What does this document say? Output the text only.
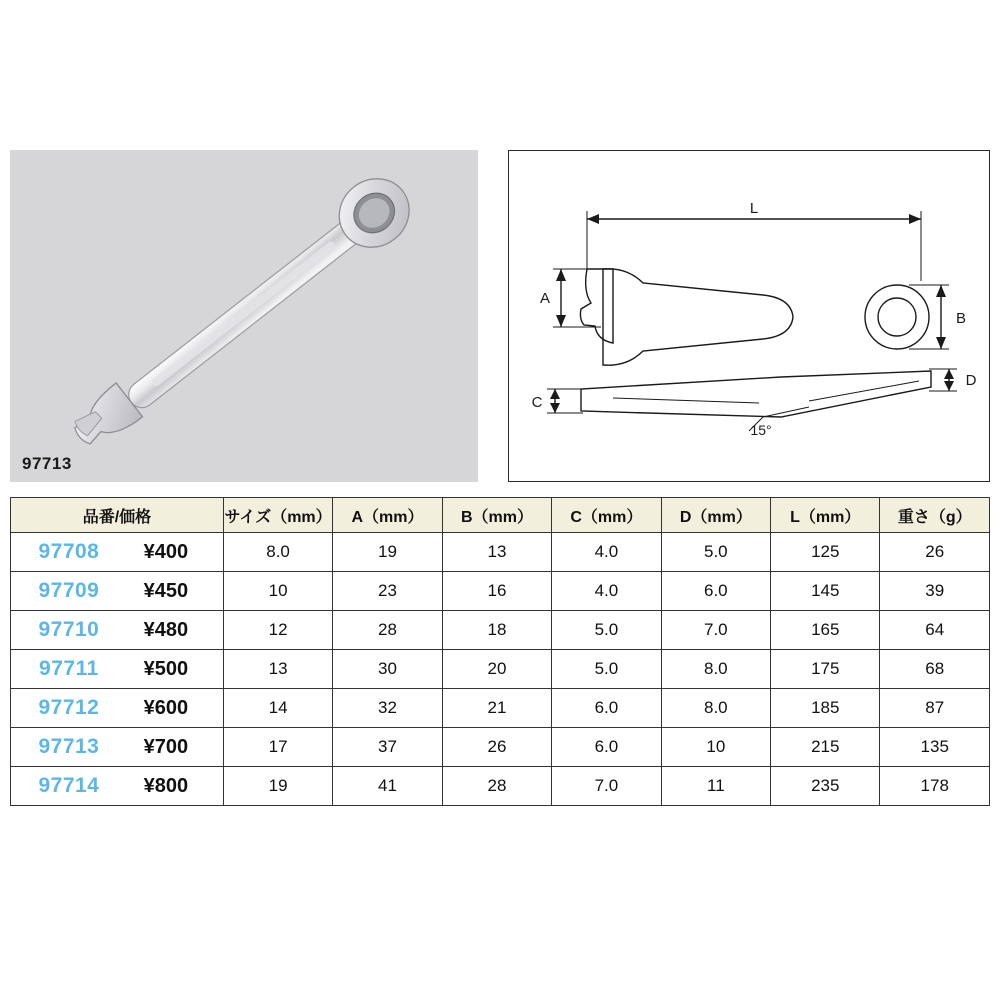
97713
L
A
B
C
D
15°
品番/価格	サイズ（mm）	A（mm）	B（mm）	C（mm）	D（mm）	L（mm）	重さ（g）
97708 ¥400	8.0	19	13	4.0	5.0	125	26
97709 ¥450	10	23	16	4.0	6.0	145	39
97710 ¥480	12	28	18	5.0	7.0	165	64
97711 ¥500	13	30	20	5.0	8.0	175	68
97712 ¥600	14	32	21	6.0	8.0	185	87
97713 ¥700	17	37	26	6.0	10	215	135
97714 ¥800	19	41	28	7.0	11	235	178
